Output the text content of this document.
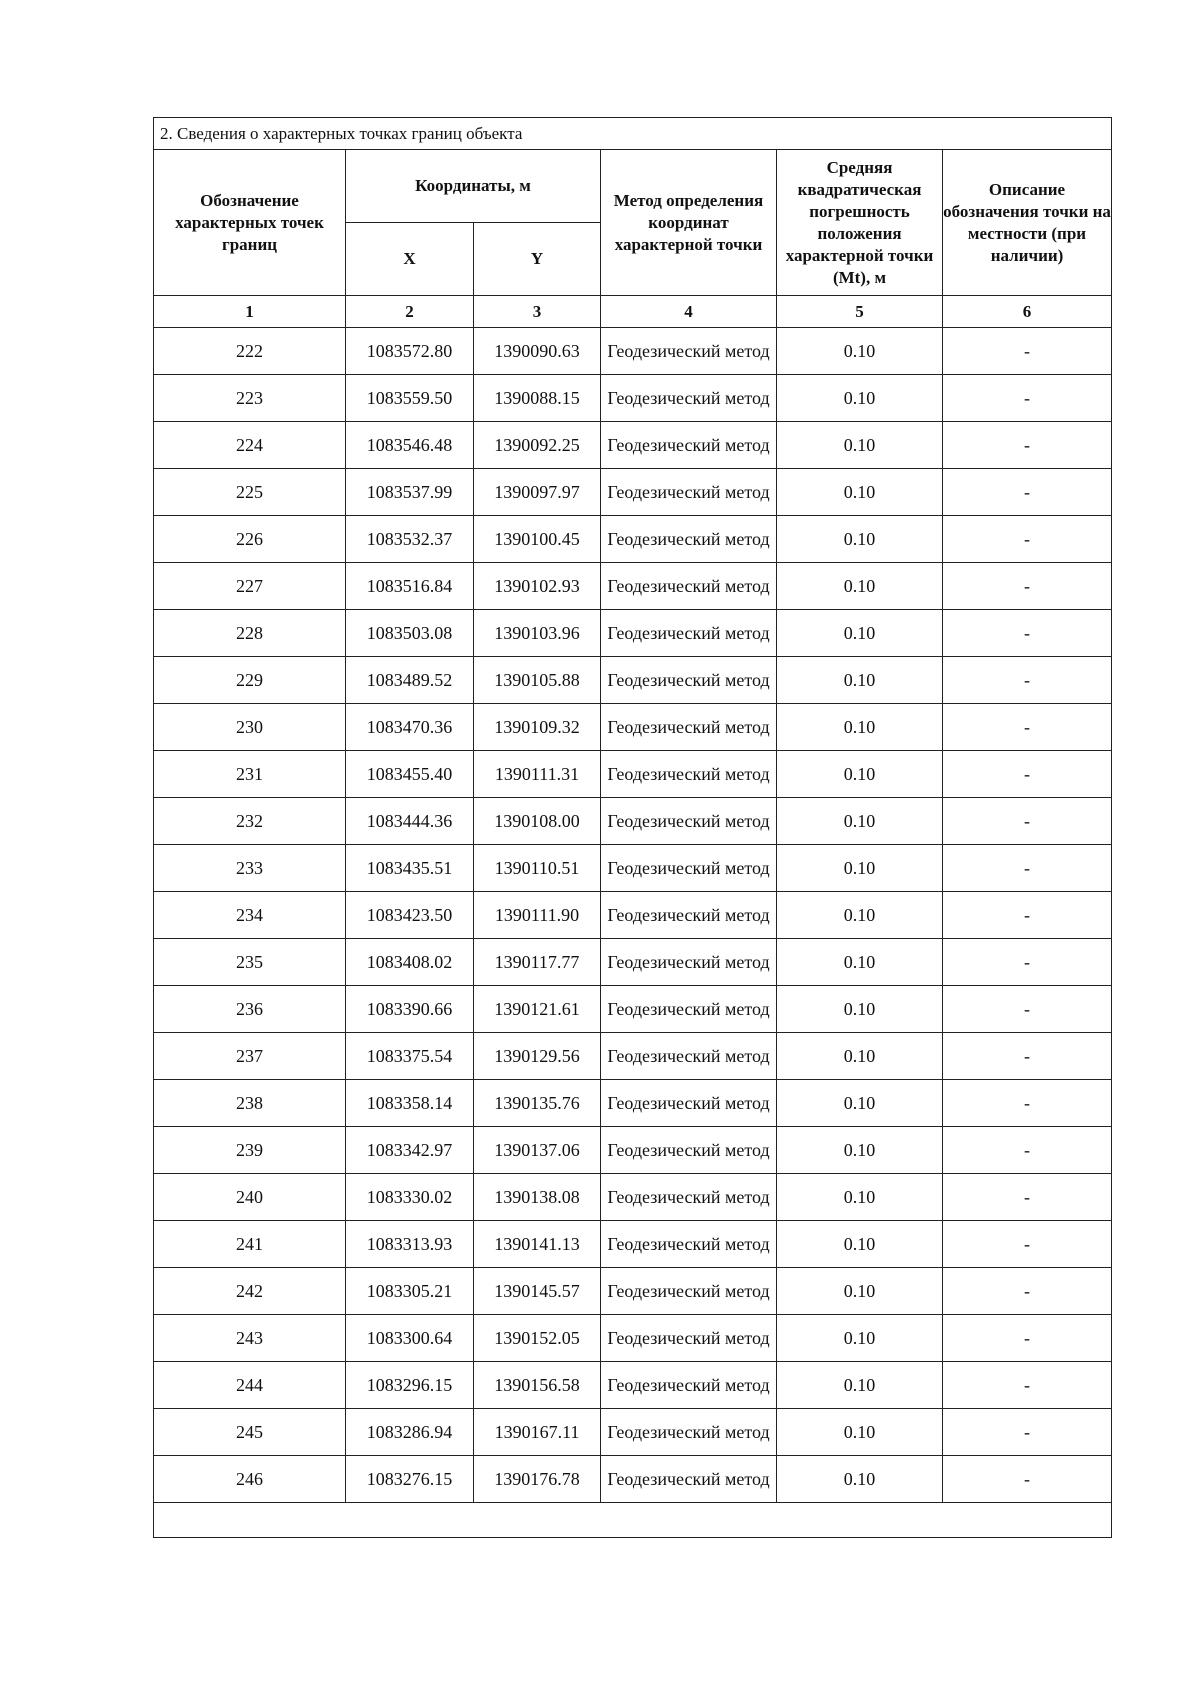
2. Сведения о характерных точках границ объекта					
Обозначение характерных точек границ	Координаты, м		Метод определения координат характерной точки	Средняя квадратическая погрешность положения характерной точки (Mt), м	Описание обозначения точки на местности (при наличии)
	X	Y			
1	2	3	4	5	6
222	1083572.80	1390090.63	Геодезический метод	0.10	-
223	1083559.50	1390088.15	Геодезический метод	0.10	-
224	1083546.48	1390092.25	Геодезический метод	0.10	-
225	1083537.99	1390097.97	Геодезический метод	0.10	-
226	1083532.37	1390100.45	Геодезический метод	0.10	-
227	1083516.84	1390102.93	Геодезический метод	0.10	-
228	1083503.08	1390103.96	Геодезический метод	0.10	-
229	1083489.52	1390105.88	Геодезический метод	0.10	-
230	1083470.36	1390109.32	Геодезический метод	0.10	-
231	1083455.40	1390111.31	Геодезический метод	0.10	-
232	1083444.36	1390108.00	Геодезический метод	0.10	-
233	1083435.51	1390110.51	Геодезический метод	0.10	-
234	1083423.50	1390111.90	Геодезический метод	0.10	-
235	1083408.02	1390117.77	Геодезический метод	0.10	-
236	1083390.66	1390121.61	Геодезический метод	0.10	-
237	1083375.54	1390129.56	Геодезический метод	0.10	-
238	1083358.14	1390135.76	Геодезический метод	0.10	-
239	1083342.97	1390137.06	Геодезический метод	0.10	-
240	1083330.02	1390138.08	Геодезический метод	0.10	-
241	1083313.93	1390141.13	Геодезический метод	0.10	-
242	1083305.21	1390145.57	Геодезический метод	0.10	-
243	1083300.64	1390152.05	Геодезический метод	0.10	-
244	1083296.15	1390156.58	Геодезический метод	0.10	-
245	1083286.94	1390167.11	Геодезический метод	0.10	-
246	1083276.15	1390176.78	Геодезический метод	0.10	-
